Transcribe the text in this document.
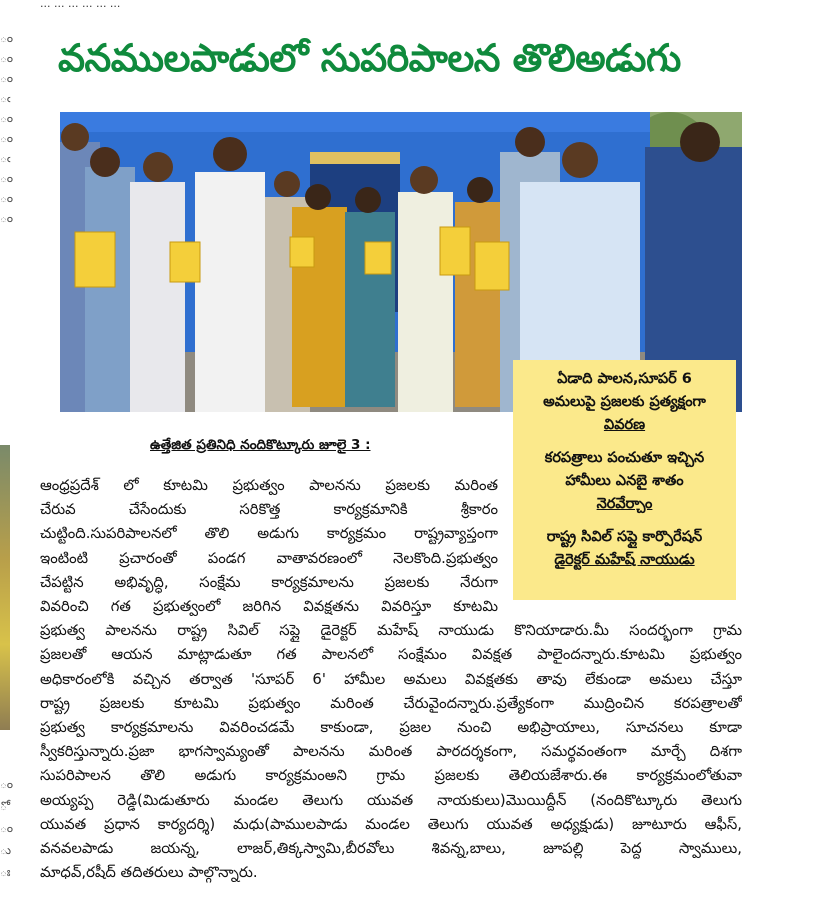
... ... ... ... ... ...
ం
ం
ం
ఁ
ం
ం
ఁ
ం
ం
ం
ం
ో
ం
ు
ః
వనములపాడులో సుపరిపాలన తొలిఅడుగు
ఏడాది పాలన,సూపర్ 6
అమలుపై ప్రజలకు ప్రత్యక్షంగా
వివరణ
కరపత్రాలు పంచుతూ ఇచ్చిన
హామీలు ఎనబై శాతం
నెరవేర్చాం
రాష్ట్ర సివిల్ సప్లై కార్పొరేషన్
డైరెక్టర్ మహేష్ నాయుడు
ఉత్తేజిత ప్రతినిధి నందికొట్కూరు జూలై 3 :
ఆంధ్రప్రదేశ్ లో కూటమి ప్రభుత్వం పాలనను ప్రజలకు మరింత
చేరువ చేసేందుకు సరికొత్త కార్యక్రమానికి శ్రీకారం
చుట్టింది.సుపరిపాలనలో తొలి అడుగు కార్యక్రమం రాష్ట్రవ్యాప్తంగా
ఇంటింటి ప్రచారంతో పండగ వాతావరణంలో నెలకొంది.ప్రభుత్వం
చేపట్టిన అభివృద్ధి, సంక్షేమ కార్యక్రమాలను ప్రజలకు నేరుగా
వివరించి గత ప్రభుత్వంలో జరిగిన వివక్షతను వివరిస్తూ కూటమి
ప్రభుత్వ పాలనను రాష్ట్ర సివిల్ సప్లై డైరెక్టర్ మహేష్ నాయుడు కొనియాడారు.మీ సందర్భంగా గ్రామ
ప్రజలతో ఆయన మాట్లాడుతూ గత పాలనలో సంక్షేమం వివక్షత పాలైందన్నారు.కూటమి ప్రభుత్వం
అధికారంలోకి వచ్చిన తర్వాత 'సూపర్ 6' హామీల అమలు వివక్షతకు తావు లేకుండా అమలు చేస్తూ
రాష్ట్ర ప్రజలకు కూటమి ప్రభుత్వం మరింత చేరువైందన్నారు.ప్రత్యేకంగా ముద్రించిన కరపత్రాలతో
ప్రభుత్వ కార్యక్రమాలను వివరించడమే కాకుండా, ప్రజల నుంచి అభిప్రాయాలు, సూచనలు కూడా
స్వీకరిస్తున్నారు.ప్రజా భాగస్వామ్యంతో పాలనను మరింత పారదర్శకంగా, సమర్థవంతంగా మార్చే దిశగా
సుపరిపాలన తొలి అడుగు కార్యక్రమంఅని గ్రామ ప్రజలకు తెలియజేశారు.ఈ కార్యక్రమంలోతువా
అయ్యప్ప రెడ్డి(మిడుతూరు మండల తెలుగు యువత నాయకులు)మొయిద్దీన్ (నందికొట్కూరు తెలుగు
యువత ప్రధాన కార్యదర్శి) మధు(పాములపాడు మండల తెలుగు యువత అధ్యక్షుడు) జూటూరు ఆఫీస్,
వనవలపాడు జయన్న, లాజర్,తిక్కస్వామి,బీరవోలు శివన్న,బాలు, జూపల్లి పెద్ద స్వాములు,
మాధవ్,రషీద్ తదితరులు పాల్గొన్నారు.
